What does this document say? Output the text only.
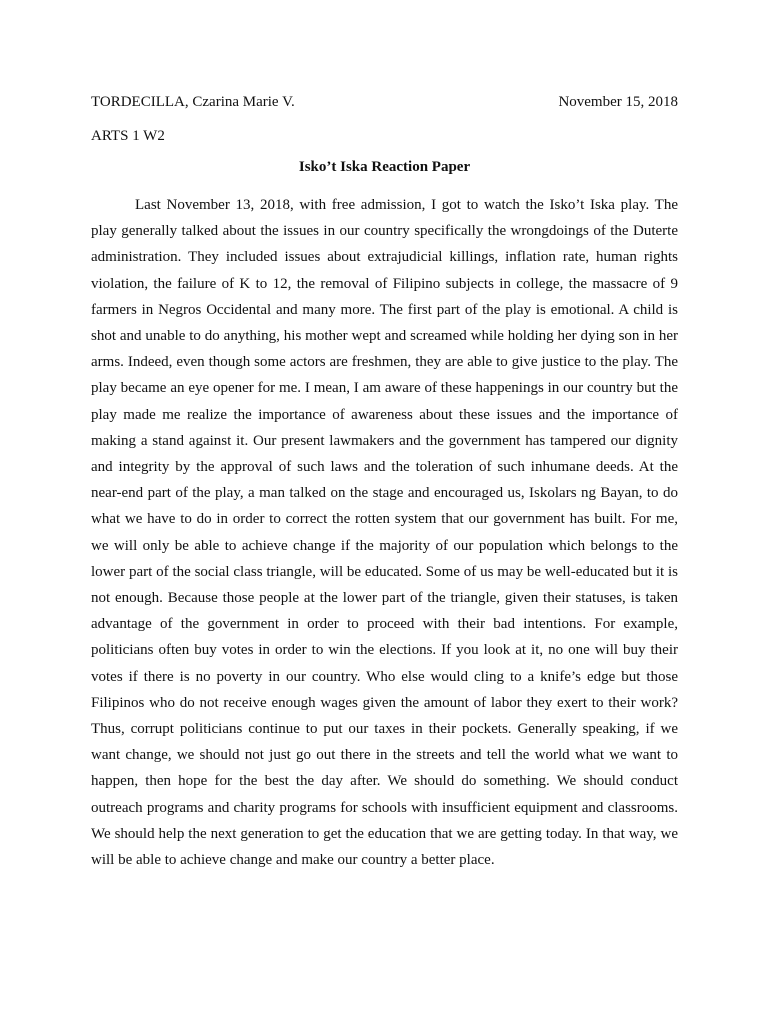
TORDECILLA, Czarina Marie V.	November 15, 2018
ARTS 1 W2
Isko’t Iska Reaction Paper

Last November 13, 2018, with free admission, I got to watch the Isko’t Iska play. The play generally talked about the issues in our country specifically the wrongdoings of the Duterte administration. They included issues about extrajudicial killings, inflation rate, human rights violation, the failure of K to 12, the removal of Filipino subjects in college, the massacre of 9 farmers in Negros Occidental and many more. The first part of the play is emotional. A child is shot and unable to do anything, his mother wept and screamed while holding her dying son in her arms. Indeed, even though some actors are freshmen, they are able to give justice to the play. The play became an eye opener for me. I mean, I am aware of these happenings in our country but the play made me realize the importance of awareness about these issues and the importance of making a stand against it. Our present lawmakers and the government has tampered our dignity and integrity by the approval of such laws and the toleration of such inhumane deeds. At the near-end part of the play, a man talked on the stage and encouraged us, Iskolars ng Bayan, to do what we have to do in order to correct the rotten system that our government has built. For me, we will only be able to achieve change if the majority of our population which belongs to the lower part of the social class triangle, will be educated. Some of us may be well-educated but it is not enough. Because those people at the lower part of the triangle, given their statuses, is taken advantage of the government in order to proceed with their bad intentions. For example, politicians often buy votes in order to win the elections. If you look at it, no one will buy their votes if there is no poverty in our country. Who else would cling to a knife’s edge but those Filipinos who do not receive enough wages given the amount of labor they exert to their work? Thus, corrupt politicians continue to put our taxes in their pockets. Generally speaking, if we want change, we should not just go out there in the streets and tell the world what we want to happen, then hope for the best the day after. We should do something. We should conduct outreach programs and charity programs for schools with insufficient equipment and classrooms. We should help the next generation to get the education that we are getting today. In that way, we will be able to achieve change and make our country a better place.
